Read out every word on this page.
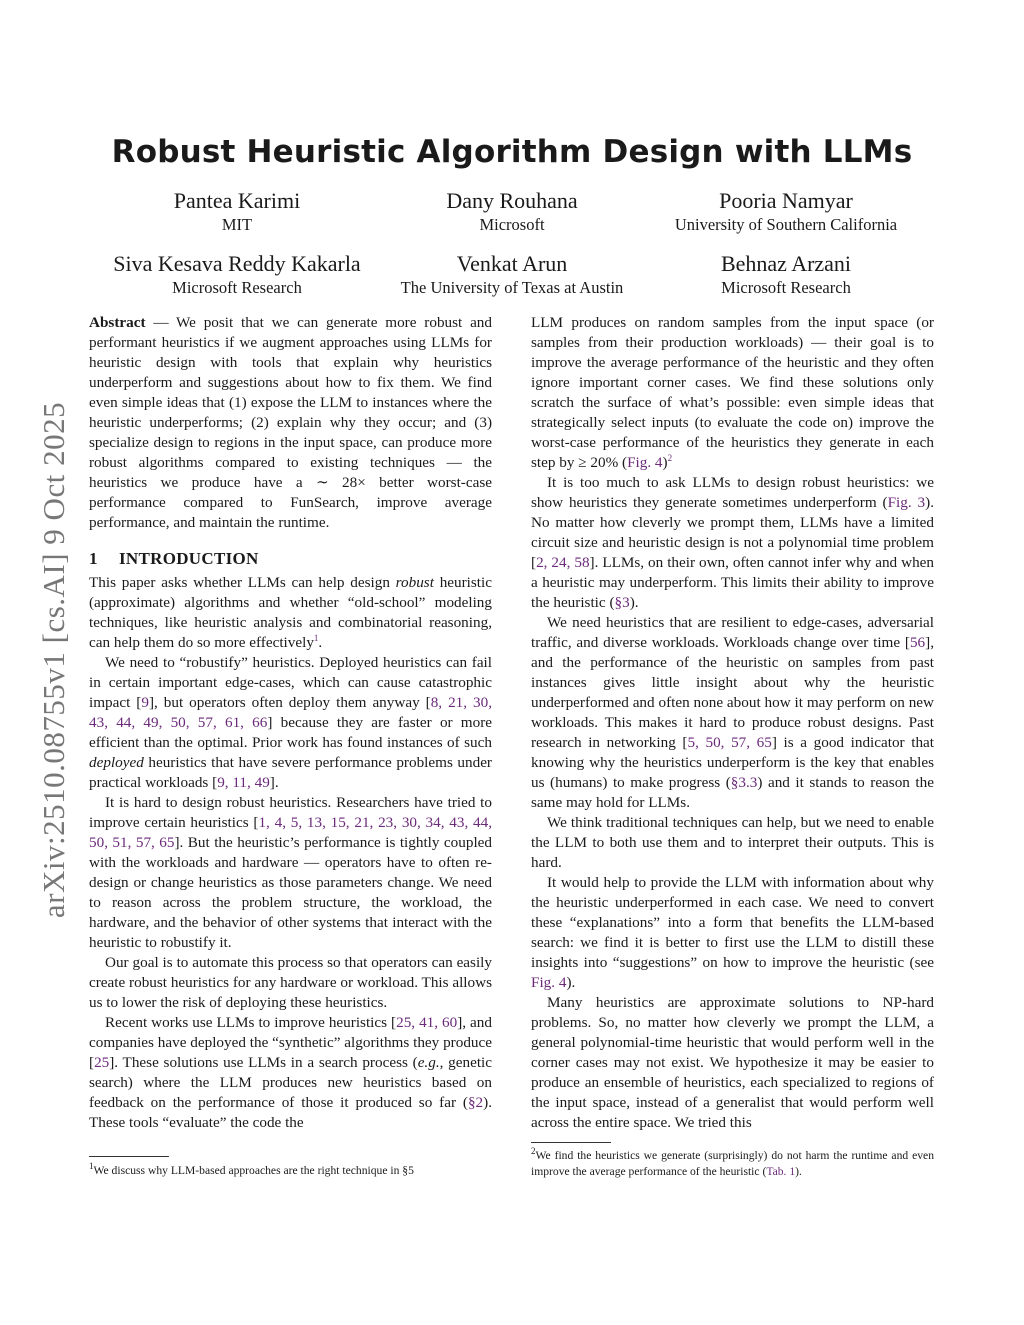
Robust Heuristic Algorithm Design with LLMs
Pantea Karimi
MIT
Dany Rouhana
Microsoft
Pooria Namyar
University of Southern California
Siva Kesava Reddy Kakarla
Microsoft Research
Venkat Arun
The University of Texas at Austin
Behnaz Arzani
Microsoft Research
arXiv:2510.08755v1 [cs.AI] 9 Oct 2025

Abstract — We posit that we can generate more robust and performant heuristics if we augment approaches using LLMs for heuristic design with tools that explain why heuristics underperform and suggestions about how to fix them. We find even simple ideas that (1) expose the LLM to instances where the heuristic underperforms; (2) explain why they occur; and (3) specialize design to regions in the input space, can produce more robust algorithms compared to existing techniques — the heuristics we produce have a ∼ 28× better worst-case performance compared to FunSearch, improve average performance, and maintain the runtime.

1 INTRODUCTION

This paper asks whether LLMs can help design robust heuristic (approximate) algorithms and whether “old-school” modeling techniques, like heuristic analysis and combinatorial reasoning, can help them do so more effectively$^1$.

We need to “robustify” heuristics. Deployed heuristics can fail in certain important edge-cases, which can cause catastrophic impact [9], but operators often deploy them anyway [8, 21, 30, 43, 44, 49, 50, 57, 61, 66] because they are faster or more efficient than the optimal. Prior work has found instances of such deployed heuristics that have severe performance problems under practical workloads [9, 11, 49].

It is hard to design robust heuristics. Researchers have tried to improve certain heuristics [1, 4, 5, 13, 15, 21, 23, 30, 34, 43, 44, 50, 51, 57, 65]. But the heuristic’s performance is tightly coupled with the workloads and hardware — operators have to often re-design or change heuristics as those parameters change. We need to reason across the problem structure, the workload, the hardware, and the behavior of other systems that interact with the heuristic to robustify it.

Our goal is to automate this process so that operators can easily create robust heuristics for any hardware or workload. This allows us to lower the risk of deploying these heuristics.

Recent works use LLMs to improve heuristics [25, 41, 60], and companies have deployed the “synthetic” algorithms they produce [25]. These solutions use LLMs in a search process (e.g., genetic search) where the LLM produces new heuristics based on feedback on the performance of those it produced so far (§2). These tools “evaluate” the code the

LLM produces on random samples from the input space (or samples from their production workloads) — their goal is to improve the average performance of the heuristic and they often ignore important corner cases. We find these solutions only scratch the surface of what’s possible: even simple ideas that strategically select inputs (to evaluate the code on) improve the worst-case performance of the heuristics they generate in each step by ≥ 20% (Fig. 4)$^2$

It is too much to ask LLMs to design robust heuristics: we show heuristics they generate sometimes underperform (Fig. 3). No matter how cleverly we prompt them, LLMs have a limited circuit size and heuristic design is not a polynomial time problem [2, 24, 58]. LLMs, on their own, often cannot infer why and when a heuristic may underperform. This limits their ability to improve the heuristic (§3).

We need heuristics that are resilient to edge-cases, adversarial traffic, and diverse workloads. Workloads change over time [56], and the performance of the heuristic on samples from past instances gives little insight about why the heuristic underperformed and often none about how it may perform on new workloads. This makes it hard to produce robust designs. Past research in networking [5, 50, 57, 65] is a good indicator that knowing why the heuristics underperform is the key that enables us (humans) to make progress (§3.3) and it stands to reason the same may hold for LLMs.

We think traditional techniques can help, but we need to enable the LLM to both use them and to interpret their outputs. This is hard.

It would help to provide the LLM with information about why the heuristic underperformed in each case. We need to convert these “explanations” into a form that benefits the LLM-based search: we find it is better to first use the LLM to distill these insights into “suggestions” on how to improve the heuristic (see Fig. 4).

Many heuristics are approximate solutions to NP-hard problems. So, no matter how cleverly we prompt the LLM, a general polynomial-time heuristic that would perform well in the corner cases may not exist. We hypothesize it may be easier to produce an ensemble of heuristics, each specialized to regions of the input space, instead of a generalist that would perform well across the entire space. We tried this

$^1$We discuss why LLM-based approaches are the right technique in §5
$^2$We find the heuristics we generate (surprisingly) do not harm the runtime and even improve the average performance of the heuristic (Tab. 1).
